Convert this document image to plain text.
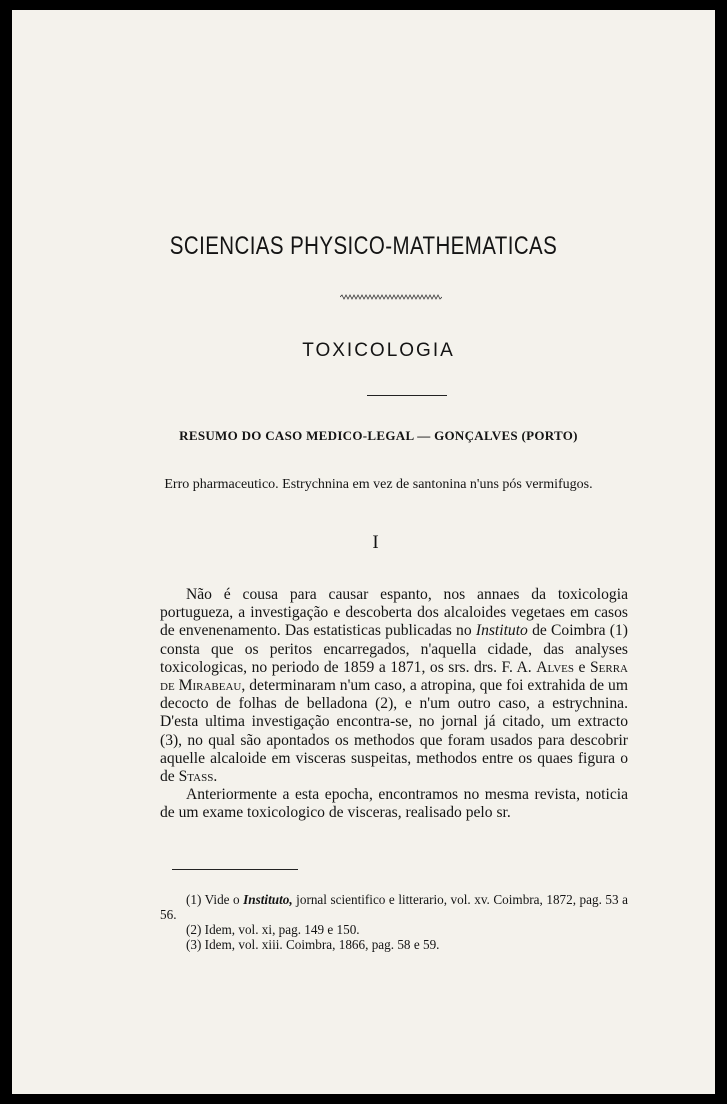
SCIENCIAS PHYSICO-MATHEMATICAS
TOXICOLOGIA
RESUMO DO CASO MEDICO-LEGAL — GONÇALVES (PORTO)
Erro pharmaceutico. Estrychnina em vez de santonina n'uns pós vermifugos.
I

Não é cousa para causar espanto, nos annaes da toxicologia portugueza, a investigação e descoberta dos alcaloides vegetaes em casos de envenenamento. Das estatisticas publicadas no Instituto de Coimbra (1) consta que os peritos encarregados, n'aquella cidade, das analyses toxicologicas, no periodo de 1859 a 1871, os srs. drs. F. A. Alves e Serra de Mirabeau, determinaram n'um caso, a atropina, que foi extrahida de um decocto de folhas de belladona (2), e n'um outro caso, a estrychnina. D'esta ultima investigação encontra-se, no jornal já citado, um extracto (3), no qual são apontados os methodos que foram usados para descobrir aquelle alcaloide em visceras suspeitas, methodos entre os quaes figura o de Stass.

Anteriormente a esta epocha, encontramos no mesma revista, noticia de um exame toxicologico de visceras, realisado pelo sr.

(1) Vide o Instituto, jornal scientifico e litterario, vol. xv. Coimbra, 1872, pag. 53 a 56.

(2) Idem, vol. xi, pag. 149 e 150.

(3) Idem, vol. xiii. Coimbra, 1866, pag. 58 e 59.
